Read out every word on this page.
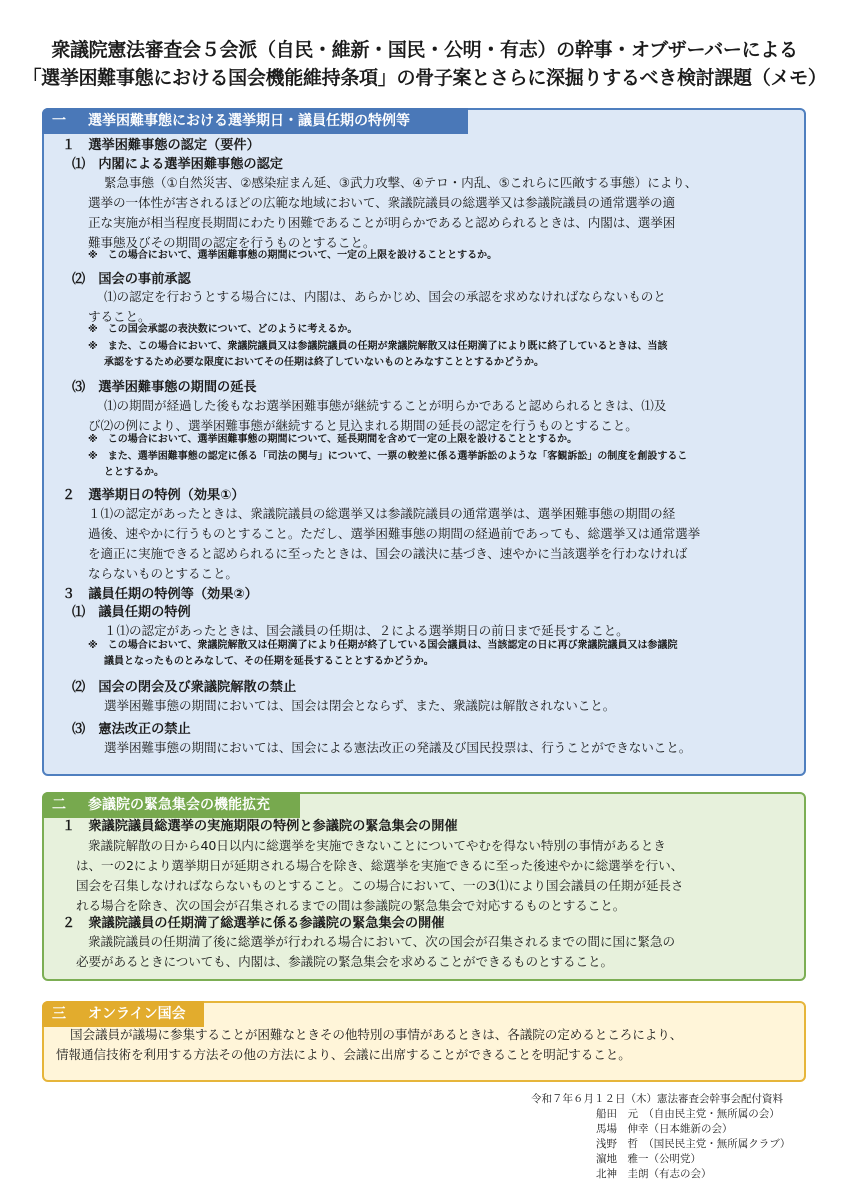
衆議院憲法審査会５会派（自民・維新・国民・公明・有志）の幹事・オブザーバーによる
「選挙困難事態における国会機能維持条項」の骨子案とさらに深掘りするべき検討課題（メモ）
一 選挙困難事態における選挙期日・議員任期の特例等
二 参議院の緊急集会の機能拡充
三 オンライン国会
１　選挙困難事態の認定（要件）
⑴　内閣による選挙困難事態の認定
緊急事態（①自然災害、②感染症まん延、③武力攻撃、④テロ・内乱、⑤これらに匹敵する事態）により、
選挙の一体性が害されるほどの広範な地域において、衆議院議員の総選挙又は参議院議員の通常選挙の適
正な実施が相当程度長期間にわたり困難であることが明らかであると認められるときは、内閣は、選挙困
難事態及びその期間の認定を行うものとすること。
※　この場合において、選挙困難事態の期間について、一定の上限を設けることとするか。
⑵　国会の事前承認
⑴の認定を行おうとする場合には、内閣は、あらかじめ、国会の承認を求めなければならないものと
すること。
※　この国会承認の表決数について、どのように考えるか。
※　また、この場合において、衆議院議員又は参議院議員の任期が衆議院解散又は任期満了により既に終了しているときは、当該
承認をするため必要な限度においてその任期は終了していないものとみなすこととするかどうか。
⑶　選挙困難事態の期間の延長
⑴の期間が経過した後もなお選挙困難事態が継続することが明らかであると認められるときは、⑴及
び⑵の例により、選挙困難事態が継続すると見込まれる期間の延長の認定を行うものとすること。
※　この場合において、選挙困難事態の期間について、延長期間を含めて一定の上限を設けることとするか。
※　また、選挙困難事態の認定に係る「司法の関与」について、一票の較差に係る選挙訴訟のような「客観訴訟」の制度を創設するこ
ととするか。
２　選挙期日の特例（効果①）
１⑴の認定があったときは、衆議院議員の総選挙又は参議院議員の通常選挙は、選挙困難事態の期間の経
過後、速やかに行うものとすること。ただし、選挙困難事態の期間の経過前であっても、総選挙又は通常選挙
を適正に実施できると認められるに至ったときは、国会の議決に基づき、速やかに当該選挙を行わなければ
ならないものとすること。
３　議員任期の特例等（効果②）
⑴　議員任期の特例
１⑴の認定があったときは、国会議員の任期は、２による選挙期日の前日まで延長すること。
※　この場合において、衆議院解散又は任期満了により任期が終了している国会議員は、当該認定の日に再び衆議院議員又は参議院
議員となったものとみなして、その任期を延長することとするかどうか。
⑵　国会の閉会及び衆議院解散の禁止
選挙困難事態の期間においては、国会は閉会とならず、また、衆議院は解散されないこと。
⑶　憲法改正の禁止
選挙困難事態の期間においては、国会による憲法改正の発議及び国民投票は、行うことができないこと。
１　衆議院議員総選挙の実施期限の特例と参議院の緊急集会の開催
衆議院解散の日から40日以内に総選挙を実施できないことについてやむを得ない特別の事情があるとき
は、一の2により選挙期日が延期される場合を除き、総選挙を実施できるに至った後速やかに総選挙を行い、
国会を召集しなければならないものとすること。この場合において、一の3⑴により国会議員の任期が延長さ
れる場合を除き、次の国会が召集されるまでの間は参議院の緊急集会で対応するものとすること。
２　衆議院議員の任期満了総選挙に係る参議院の緊急集会の開催
衆議院議員の任期満了後に総選挙が行われる場合において、次の国会が召集されるまでの間に国に緊急の
必要があるときについても、内閣は、参議院の緊急集会を求めることができるものとすること。
国会議員が議場に参集することが困難なときその他特別の事情があるときは、各議院の定めるところにより、
情報通信技術を利用する方法その他の方法により、会議に出席することができることを明記すること。
令和７年６月１２日（木）憲法審査会幹事会配付資料
船田　元　（自由民主党・無所属の会）
馬場　伸幸（日本維新の会）
浅野　哲　（国民民主党・無所属クラブ）
濵地　雅一（公明党）
北神　圭朗（有志の会）
